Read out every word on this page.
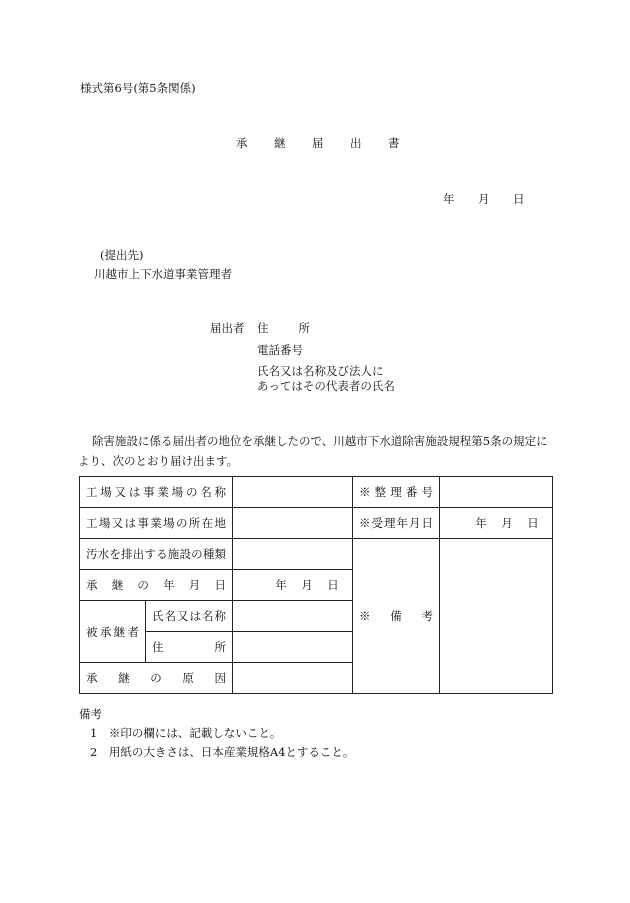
様式第6号(第5条関係)
承 継 届 出 書
年 月 日
(提出先)
川越市上下水道事業管理者
届出者 住	所
電話番号
氏名又は名称及び法人に
あってはその代表者の氏名
除害施設に係る届出者の地位を承継したので、川越市下水道除害施設規程第5条の規定に
より、次のとおり届け出ます。
工場又は事業場の名称			※整理番号	
工場又は事業場の所在地			※受理年月日	年 月 日
汚水を排出する施設の種類			※備考	
承継の年月日		年 月 日		
被承継者	氏名又は名称			
	住所			
承継の原因				
備考
1　※印の欄には、記載しないこと。
2　用紙の大きさは、日本産業規格A4とすること。
